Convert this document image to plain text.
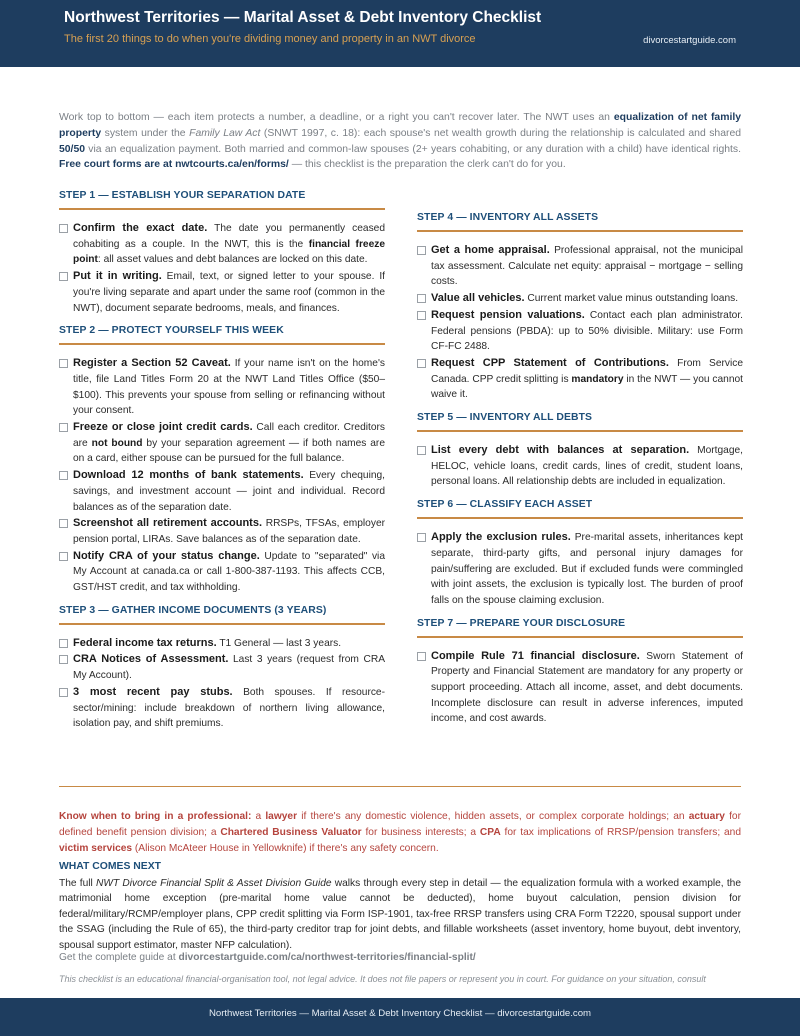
Northwest Territories — Marital Asset & Debt Inventory Checklist
The first 20 things to do when you're dividing money and property in an NWT divorce	divorcestartguide.com
Work top to bottom — each item protects a number, a deadline, or a right you can't recover later. The NWT uses an equalization of net family property system under the Family Law Act (SNWT 1997, c. 18): each spouse's net wealth growth during the relationship is calculated and shared 50/50 via an equalization payment. Both married and common-law spouses (2+ years cohabiting, or any duration with a child) have identical rights. Free court forms are at nwtcourts.ca/en/forms/ — this checklist is the preparation the clerk can't do for you.
STEP 1 — ESTABLISH YOUR SEPARATION DATE
Confirm the exact date. The date you permanently ceased cohabiting as a couple. In the NWT, this is the financial freeze point: all asset values and debt balances are locked on this date.
Put it in writing. Email, text, or signed letter to your spouse. If you're living separate and apart under the same roof (common in the NWT), document separate bedrooms, meals, and finances.
STEP 2 — PROTECT YOURSELF THIS WEEK
Register a Section 52 Caveat. If your name isn't on the home's title, file Land Titles Form 20 at the NWT Land Titles Office ($50–$100). This prevents your spouse from selling or refinancing without your consent.
Freeze or close joint credit cards. Call each creditor. Creditors are not bound by your separation agreement — if both names are on a card, either spouse can be pursued for the full balance.
Download 12 months of bank statements. Every chequing, savings, and investment account — joint and individual. Record balances as of the separation date.
Screenshot all retirement accounts. RRSPs, TFSAs, employer pension portal, LIRAs. Save balances as of the separation date.
Notify CRA of your status change. Update to "separated" via My Account at canada.ca or call 1-800-387-1193. This affects CCB, GST/HST credit, and tax withholding.
STEP 3 — GATHER INCOME DOCUMENTS (3 YEARS)
Federal income tax returns. T1 General — last 3 years.
CRA Notices of Assessment. Last 3 years (request from CRA My Account).
3 most recent pay stubs. Both spouses. If resource-sector/mining: include breakdown of northern living allowance, isolation pay, and shift premiums.
STEP 4 — INVENTORY ALL ASSETS
Get a home appraisal. Professional appraisal, not the municipal tax assessment. Calculate net equity: appraisal − mortgage − selling costs.
Value all vehicles. Current market value minus outstanding loans.
Request pension valuations. Contact each plan administrator. Federal pensions (PBDA): up to 50% divisible. Military: use Form CF-FC 2488.
Request CPP Statement of Contributions. From Service Canada. CPP credit splitting is mandatory in the NWT — you cannot waive it.
STEP 5 — INVENTORY ALL DEBTS
List every debt with balances at separation. Mortgage, HELOC, vehicle loans, credit cards, lines of credit, student loans, personal loans. All relationship debts are included in equalization.
STEP 6 — CLASSIFY EACH ASSET
Apply the exclusion rules. Pre-marital assets, inheritances kept separate, third-party gifts, and personal injury damages for pain/suffering are excluded. But if excluded funds were commingled with joint assets, the exclusion is typically lost. The burden of proof falls on the spouse claiming exclusion.
STEP 7 — PREPARE YOUR DISCLOSURE
Compile Rule 71 financial disclosure. Sworn Statement of Property and Financial Statement are mandatory for any property or support proceeding. Attach all income, asset, and debt documents. Incomplete disclosure can result in adverse inferences, imputed income, and cost awards.
Know when to bring in a professional: a lawyer if there's any domestic violence, hidden assets, or complex corporate holdings; an actuary for defined benefit pension division; a Chartered Business Valuator for business interests; a CPA for tax implications of RRSP/pension transfers; and victim services (Alison McAteer House in Yellowknife) if there's any safety concern.
WHAT COMES NEXT
The full NWT Divorce Financial Split & Asset Division Guide walks through every step in detail — the equalization formula with a worked example, the matrimonial home exception (pre-marital home value cannot be deducted), home buyout calculation, pension division for federal/military/RCMP/employer plans, CPP credit splitting via Form ISP-1901, tax-free RRSP transfers using CRA Form T2220, spousal support under the SSAG (including the Rule of 65), the third-party creditor trap for joint debts, and fillable worksheets (asset inventory, home buyout, debt inventory, spousal support estimator, master NFP calculation).
Get the complete guide at divorcestartguide.com/ca/northwest-territories/financial-split/
This checklist is an educational financial-organisation tool, not legal advice. It does not file papers or represent you in court. For guidance on your situation, consult
Northwest Territories — Marital Asset & Debt Inventory Checklist — divorcestartguide.com
